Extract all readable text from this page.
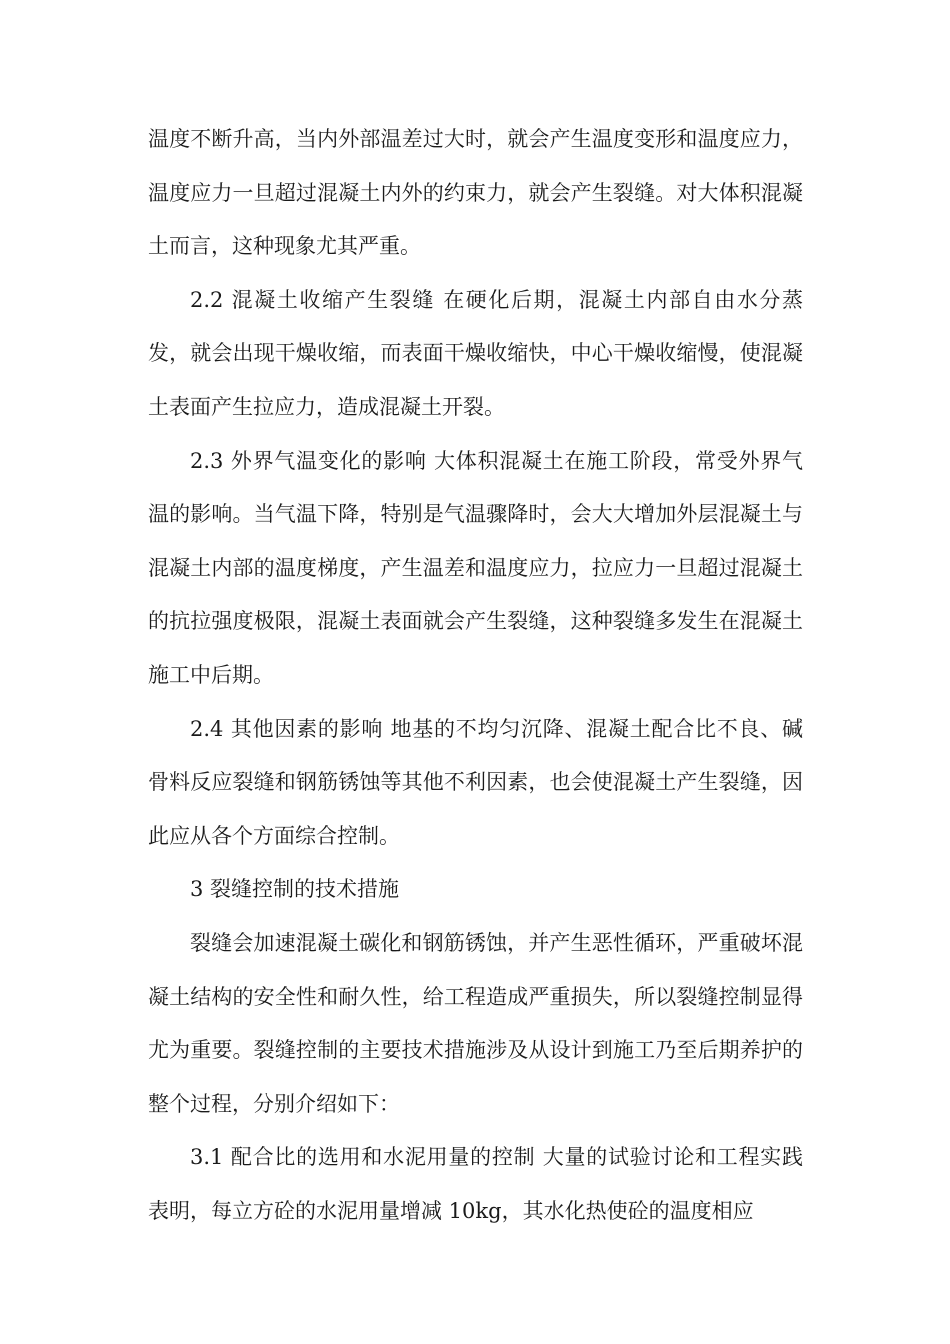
温度不断升高，当内外部温差过大时，就会产生温度变形和温度应力，温度应力一旦超过混凝土内外的约束力，就会产生裂缝。对大体积混凝土而言，这种现象尤其严重。

2.2 混凝土收缩产生裂缝 在硬化后期，混凝土内部自由水分蒸发，就会出现干燥收缩，而表面干燥收缩快，中心干燥收缩慢，使混凝土表面产生拉应力，造成混凝土开裂。

2.3 外界气温变化的影响 大体积混凝土在施工阶段，常受外界气温的影响。当气温下降，特别是气温骤降时，会大大增加外层混凝土与混凝土内部的温度梯度，产生温差和温度应力，拉应力一旦超过混凝土的抗拉强度极限，混凝土表面就会产生裂缝，这种裂缝多发生在混凝土施工中后期。

2.4 其他因素的影响 地基的不均匀沉降、混凝土配合比不良、碱骨料反应裂缝和钢筋锈蚀等其他不利因素，也会使混凝土产生裂缝，因此应从各个方面综合控制。

3 裂缝控制的技术措施

裂缝会加速混凝土碳化和钢筋锈蚀，并产生恶性循环，严重破坏混凝土结构的安全性和耐久性，给工程造成严重损失，所以裂缝控制显得尤为重要。裂缝控制的主要技术措施涉及从设计到施工乃至后期养护的整个过程，分别介绍如下：

3.1 配合比的选用和水泥用量的控制 大量的试验讨论和工程实践表明，每立方砼的水泥用量增减 10kg，其水化热使砼的温度相应
